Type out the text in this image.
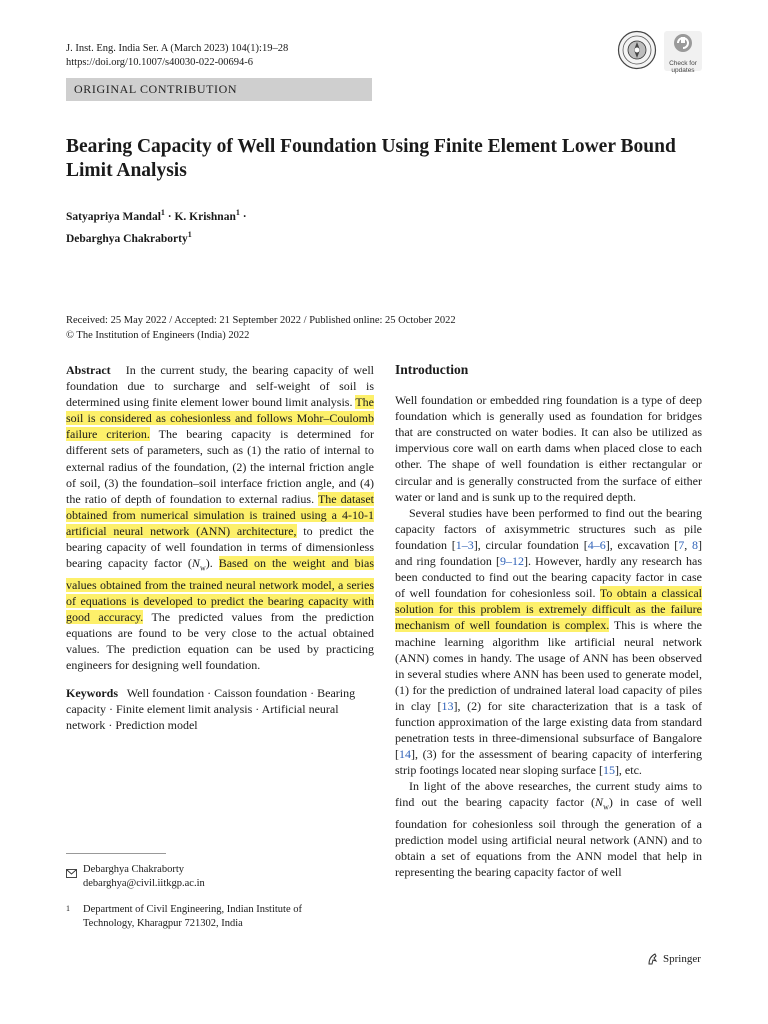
J. Inst. Eng. India Ser. A (March 2023) 104(1):19–28
https://doi.org/10.1007/s40030-022-00694-6	Check for
updates
ORIGINAL CONTRIBUTION
Bearing Capacity of Well Foundation Using Finite Element Lower Bound Limit Analysis
Satyapriya Mandal$^1$ · K. Krishnan$^1$ ·
Debarghya Chakraborty$^1$
Received: 25 May 2022 / Accepted: 21 September 2022 / Published online: 25 October 2022
© The Institution of Engineers (India) 2022

Abstract In the current study, the bearing capacity of well foundation due to surcharge and self-weight of soil is determined using finite element lower bound limit analysis. The soil is considered as cohesionless and follows Mohr–Coulomb failure criterion. The bearing capacity is determined for different sets of parameters, such as (1) the ratio of internal to external radius of the foundation, (2) the internal friction angle of soil, (3) the foundation–soil interface friction angle, and (4) the ratio of depth of foundation to external radius. The dataset obtained from numerical simulation is trained using a 4-10-1 artificial neural network (ANN) architecture, to predict the bearing capacity of well foundation in terms of dimensionless bearing capacity factor $(N_w)$. Based on the weight and bias values obtained from the trained neural network model, a series of equations is developed to predict the bearing capacity with good accuracy. The predicted values from the prediction equations are found to be very close to the actual obtained values. The prediction equation can be used by practicing engineers for designing well foundation.

Keywords Well foundation · Caisson foundation · Bearing capacity · Finite element limit analysis · Artificial neural network · Prediction model

Debarghya Chakraborty
debarghya@civil.iitkgp.ac.in
1	Department of Civil Engineering, Indian Institute of Technology, Kharagpur 721302, India

Introduction

Well foundation or embedded ring foundation is a type of deep foundation which is generally used as foundation for bridges that are constructed on water bodies. It can also be utilized as impervious core wall on earth dams when placed close to each other. The shape of well foundation is either rectangular or circular and is generally constructed from the surface of either water or land and is sunk up to the required depth.

Several studies have been performed to find out the bearing capacity factors of axisymmetric structures such as pile foundation [1–3], circular foundation [4–6], excavation [7, 8] and ring foundation [9–12]. However, hardly any research has been conducted to find out the bearing capacity factor in case of well foundation for cohesionless soil. To obtain a classical solution for this problem is extremely difficult as the failure mechanism of well foundation is complex. This is where the machine learning algorithm like artificial neural network (ANN) comes in handy. The usage of ANN has been observed in several studies where ANN has been used to generate model, (1) for the prediction of undrained lateral load capacity of piles in clay [13], (2) for site characterization that is a task of function approximation of the large existing data from standard penetration tests in three-dimensional subsurface of Bangalore [14], (3) for the assessment of bearing capacity of interfering strip footings located near sloping surface [15], etc.

In light of the above researches, the current study aims to find out the bearing capacity factor $(N_w)$ in case of well foundation for cohesionless soil through the generation of a prediction model using artificial neural network (ANN) and to obtain a set of equations from the ANN model that help in representing the bearing capacity factor of well

Springer
